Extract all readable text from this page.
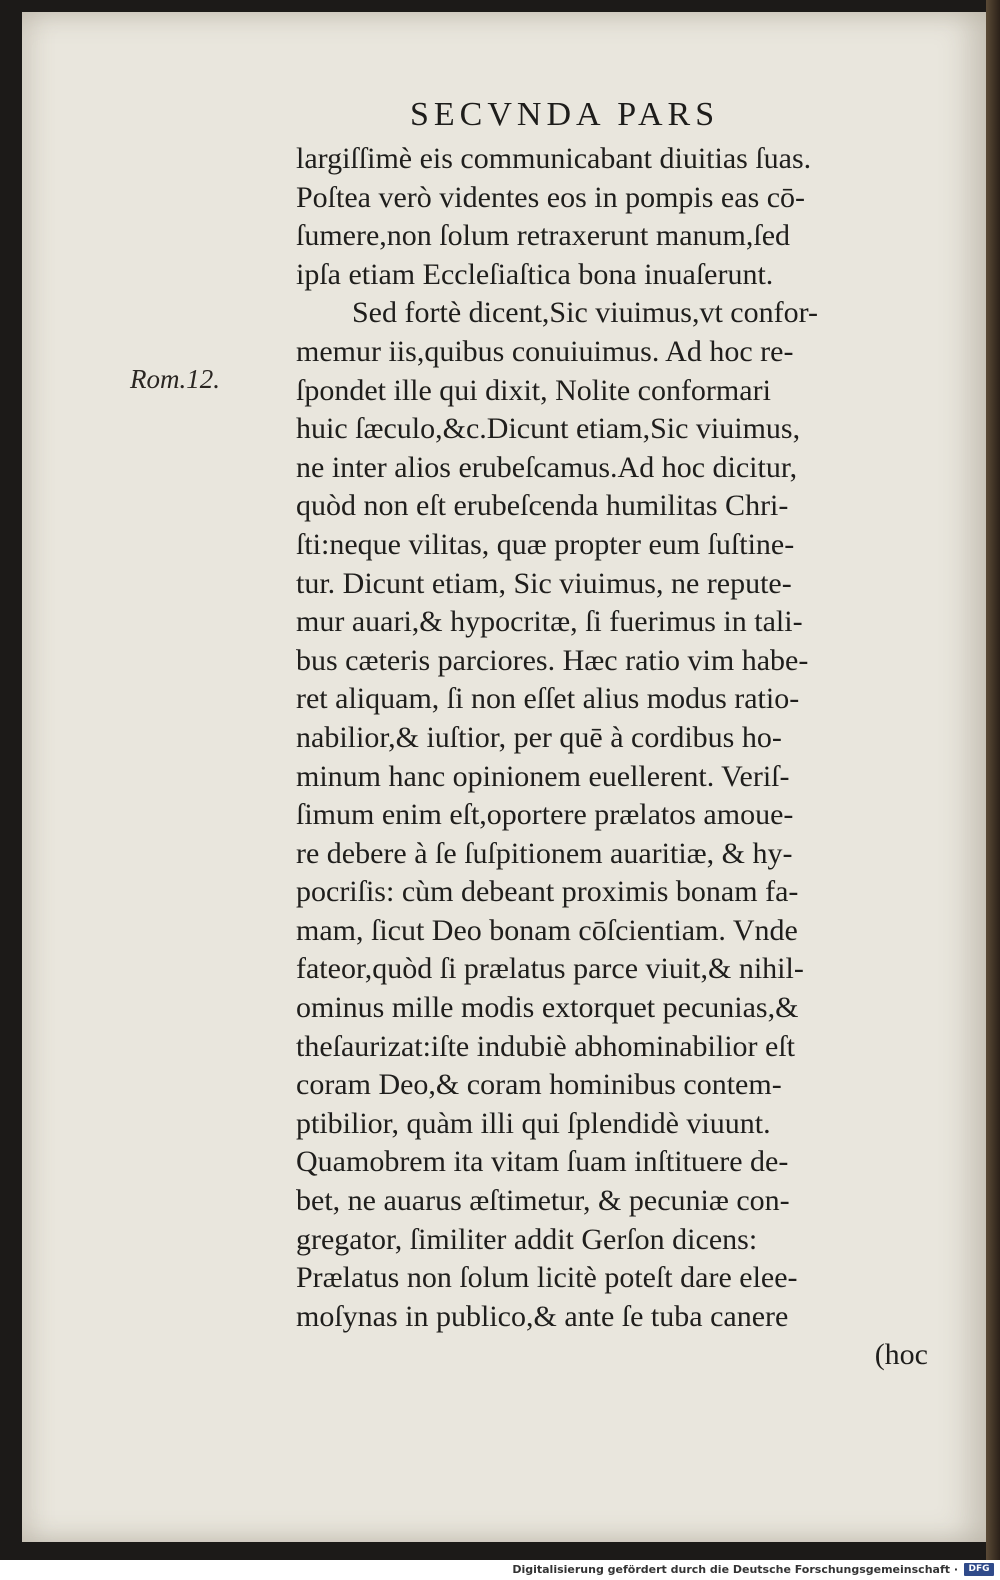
SECVNDA PARS
Rom.12.
largiſſimè eis communicabant diuitias ſuas.
Poſtea verò videntes eos in pompis eas cō-
ſumere,non ſolum retraxerunt manum,ſed
ipſa etiam Eccleſiaſtica bona inuaſerunt.
Sed fortè dicent,Sic viuimus,vt confor-
memur iis,quibus conuiuimus. Ad hoc re-
ſpondet ille qui dixit, Nolite conformari
huic ſæculo,&c.Dicunt etiam,Sic viuimus,
ne inter alios erubeſcamus.Ad hoc dicitur,
quòd non eſt erubeſcenda humilitas Chri-
ſti:neque vilitas, quæ propter eum ſuſtine-
tur. Dicunt etiam, Sic viuimus, ne repute-
mur auari,& hypocritæ, ſi fuerimus in tali-
bus cæteris parciores. Hæc ratio vim habe-
ret aliquam, ſi non eſſet alius modus ratio-
nabilior,& iuſtior, per quē à cordibus ho-
minum hanc opinionem euellerent. Veriſ-
ſimum enim eſt,oportere prælatos amoue-
re debere à ſe ſuſpitionem auaritiæ, & hy-
pocriſis: cùm debeant proximis bonam fa-
mam, ſicut Deo bonam cōſcientiam. Vnde
fateor,quòd ſi prælatus parce viuit,& nihil-
ominus mille modis extorquet pecunias,&
theſaurizat:iſte indubiè abhominabilior eſt
coram Deo,& coram hominibus contem-
ptibilior, quàm illi qui ſplendidè viuunt.
Quamobrem ita vitam ſuam inſtituere de-
bet, ne auarus æſtimetur, & pecuniæ con-
gregator, ſimiliter addit Gerſon dicens:
Prælatus non ſolum licitè poteſt dare elee-
moſynas in publico,& ante ſe tuba canere
(hoc
Digitalisierung gefördert durch die Deutsche Forschungsgemeinschaft ·	DFG
